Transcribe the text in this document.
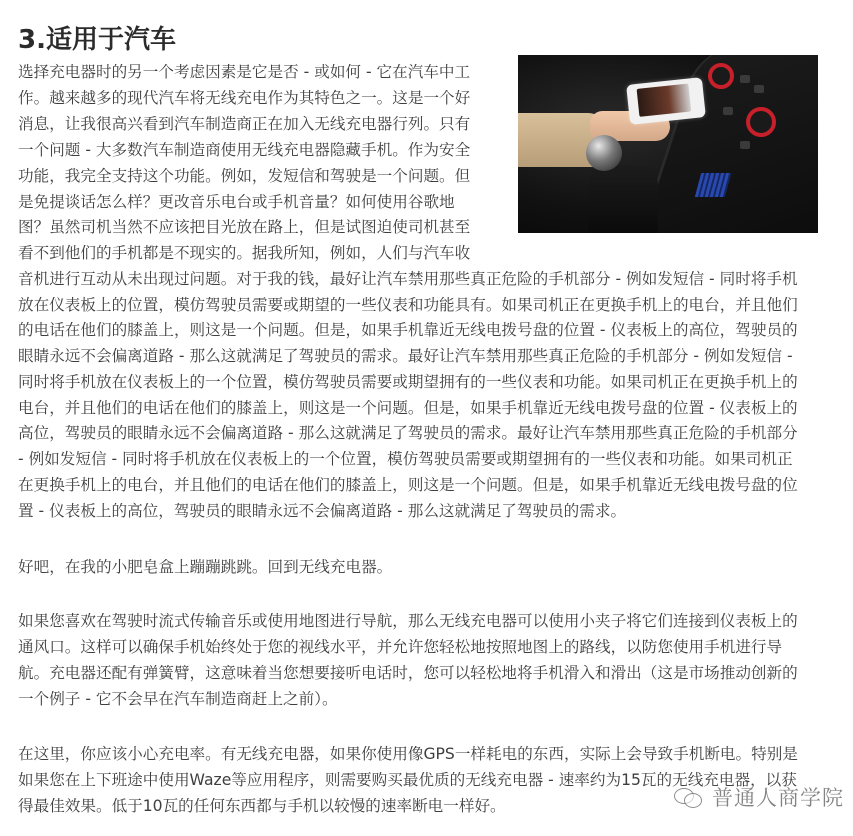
3.适用于汽车
选择充电器时的另一个考虑因素是它是否 - 或如何 - 它在汽车中工
作。越来越多的现代汽车将无线充电作为其特色之一。这是一个好
消息，让我很高兴看到汽车制造商正在加入无线充电器行列。只有
一个问题 - 大多数汽车制造商使用无线充电器隐藏手机。作为安全
功能，我完全支持这个功能。例如，发短信和驾驶是一个问题。但
是免提谈话怎么样？更改音乐电台或手机音量？如何使用谷歌地
图？虽然司机当然不应该把目光放在路上，但是试图迫使司机甚至
看不到他们的手机都是不现实的。据我所知，例如，人们与汽车收
音机进行互动从未出现过问题。对于我的钱，最好让汽车禁用那些真正危险的手机部分 - 例如发短信 - 同时将手机
放在仪表板上的位置，模仿驾驶员需要或期望的一些仪表和功能具有。如果司机正在更换手机上的电台，并且他们
的电话在他们的膝盖上，则这是一个问题。但是，如果手机靠近无线电拨号盘的位置 - 仪表板上的高位，驾驶员的
眼睛永远不会偏离道路 - 那么这就满足了驾驶员的需求。最好让汽车禁用那些真正危险的手机部分 - 例如发短信 -
同时将手机放在仪表板上的一个位置，模仿驾驶员需要或期望拥有的一些仪表和功能。如果司机正在更换手机上的
电台，并且他们的电话在他们的膝盖上，则这是一个问题。但是，如果手机靠近无线电拨号盘的位置 - 仪表板上的
高位，驾驶员的眼睛永远不会偏离道路 - 那么这就满足了驾驶员的需求。最好让汽车禁用那些真正危险的手机部分
- 例如发短信 - 同时将手机放在仪表板上的一个位置，模仿驾驶员需要或期望拥有的一些仪表和功能。如果司机正
在更换手机上的电台，并且他们的电话在他们的膝盖上，则这是一个问题。但是，如果手机靠近无线电拨号盘的位
置 - 仪表板上的高位，驾驶员的眼睛永远不会偏离道路 - 那么这就满足了驾驶员的需求。
好吧，在我的小肥皂盒上蹦蹦跳跳。回到无线充电器。
如果您喜欢在驾驶时流式传输音乐或使用地图进行导航，那么无线充电器可以使用小夹子将它们连接到仪表板上的
通风口。这样可以确保手机始终处于您的视线水平，并允许您轻松地按照地图上的路线，以防您使用手机进行导
航。充电器还配有弹簧臂，这意味着当您想要接听电话时，您可以轻松地将手机滑入和滑出（这是市场推动创新的
一个例子 - 它不会早在汽车制造商赶上之前）。
在这里，你应该小心充电率。有无线充电器，如果你使用像GPS一样耗电的东西，实际上会导致手机断电。特别是
如果您在上下班途中使用Waze等应用程序，则需要购买最优质的无线充电器 - 速率约为15瓦的无线充电器，以获
得最佳效果。低于10瓦的任何东西都与手机以较慢的速率断电一样好。	普通人商学院
